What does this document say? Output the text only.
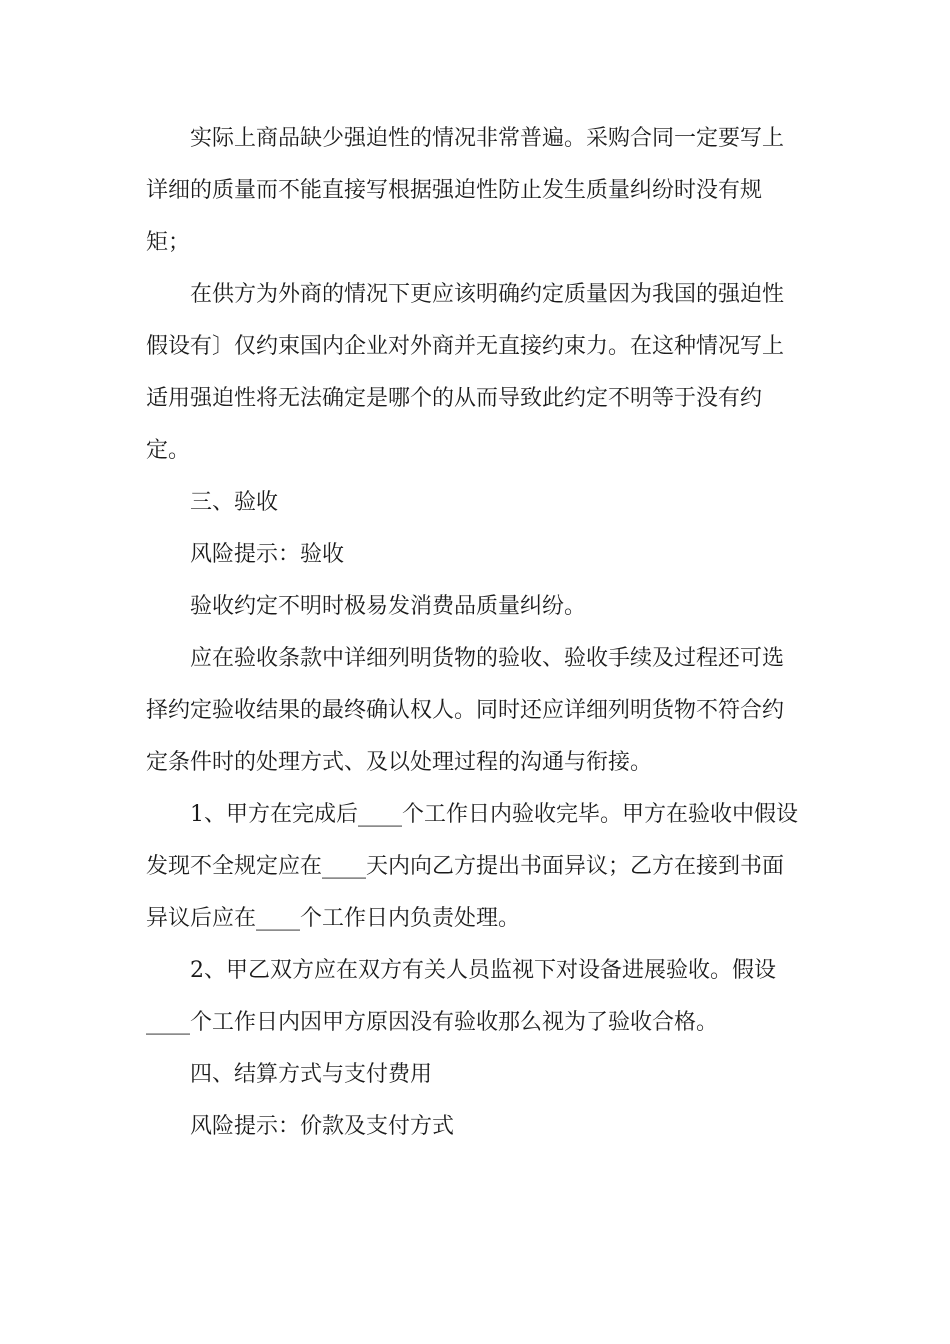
实际上商品缺少强迫性的情况非常普遍。采购合同一定要写上
详细的质量而不能直接写根据强迫性防止发生质量纠纷时没有规
矩；
在供方为外商的情况下更应该明确约定质量因为我国的强迫性
假设有〕仅约束国内企业对外商并无直接约束力。在这种情况写上
适用强迫性将无法确定是哪个的从而导致此约定不明等于没有约
定。
三、验收
风险提示：验收
验收约定不明时极易发消费品质量纠纷。
应在验收条款中详细列明货物的验收、验收手续及过程还可选
择约定验收结果的最终确认权人。同时还应详细列明货物不符合约
定条件时的处理方式、及以处理过程的沟通与衔接。
1、甲方在完成后____个工作日内验收完毕。甲方在验收中假设
发现不全规定应在____天内向乙方提出书面异议；乙方在接到书面
异议后应在____个工作日内负责处理。
2、甲乙双方应在双方有关人员监视下对设备进展验收。假设
____个工作日内因甲方原因没有验收那么视为了验收合格。
四、结算方式与支付费用
风险提示：价款及支付方式
